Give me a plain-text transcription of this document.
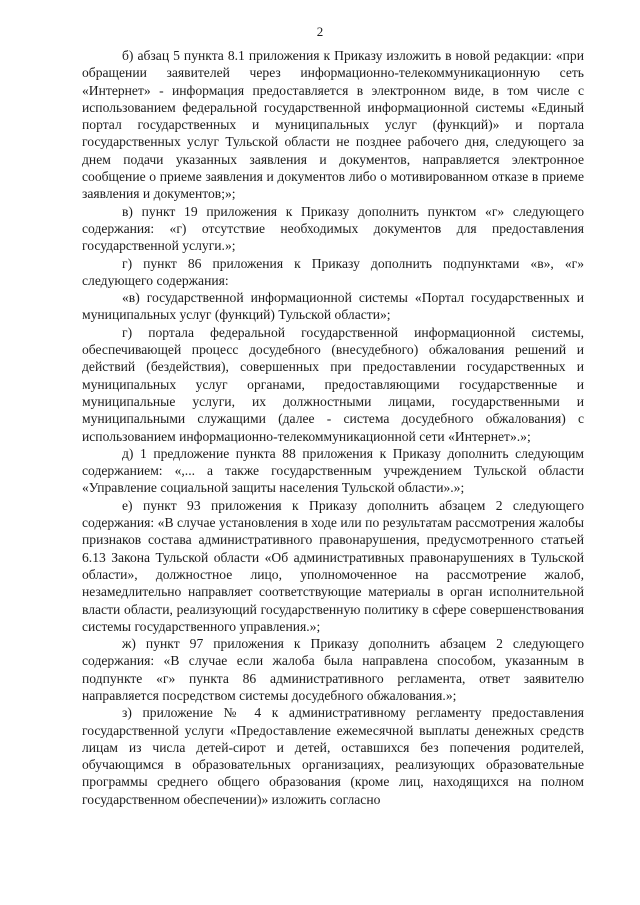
2

б) абзац 5 пункта 8.1 приложения к Приказу изложить в новой редакции: «при обращении заявителей через информационно-телекоммуникационную сеть «Интернет» - информация предоставляется в электронном виде, в том числе с использованием федеральной государственной информационной системы «Единый портал государственных и муниципальных услуг (функций)» и портала государственных услуг Тульской области не позднее рабочего дня, следующего за днем подачи указанных заявления и документов, направляется электронное сообщение о приеме заявления и документов либо о мотивированном отказе в приеме заявления и документов;»;

в) пункт 19 приложения к Приказу дополнить пунктом «г» следующего содержания: «г) отсутствие необходимых документов для предоставления государственной услуги.»;

г) пункт 86 приложения к Приказу дополнить подпунктами «в», «г» следующего содержания:

«в) государственной информационной системы «Портал государственных и муниципальных услуг (функций) Тульской области»;

г) портала федеральной государственной информационной системы, обеспечивающей процесс досудебного (внесудебного) обжалования решений и действий (бездействия), совершенных при предоставлении государственных и муниципальных услуг органами, предоставляющими государственные и муниципальные услуги, их должностными лицами, государственными и муниципальными служащими (далее - система досудебного обжалования) с использованием информационно-телекоммуникационной сети «Интернет».»;

д) 1 предложение пункта 88 приложения к Приказу дополнить следующим содержанием: «,... а также государственным учреждением Тульской области «Управление социальной защиты населения Тульской области».»;

е) пункт 93 приложения к Приказу дополнить абзацем 2 следующего содержания: «В случае установления в ходе или по результатам рассмотрения жалобы признаков состава административного правонарушения, предусмотренного статьей 6.13 Закона Тульской области «Об административных правонарушениях в Тульской области», должностное лицо, уполномоченное на рассмотрение жалоб, незамедлительно направляет соответствующие материалы в орган исполнительной власти области, реализующий государственную политику в сфере совершенствования системы государственного управления.»;

ж) пункт 97 приложения к Приказу дополнить абзацем 2 следующего содержания: «В случае если жалоба была направлена способом, указанным в подпункте «г» пункта 86 административного регламента, ответ заявителю направляется посредством системы досудебного обжалования.»;

з) приложение № 4 к административному регламенту предоставления государственной услуги «Предоставление ежемесячной выплаты денежных средств лицам из числа детей-сирот и детей, оставшихся без попечения родителей, обучающимся в образовательных организациях, реализующих образовательные программы среднего общего образования (кроме лиц, находящихся на полном государственном обеспечении)» изложить согласно
